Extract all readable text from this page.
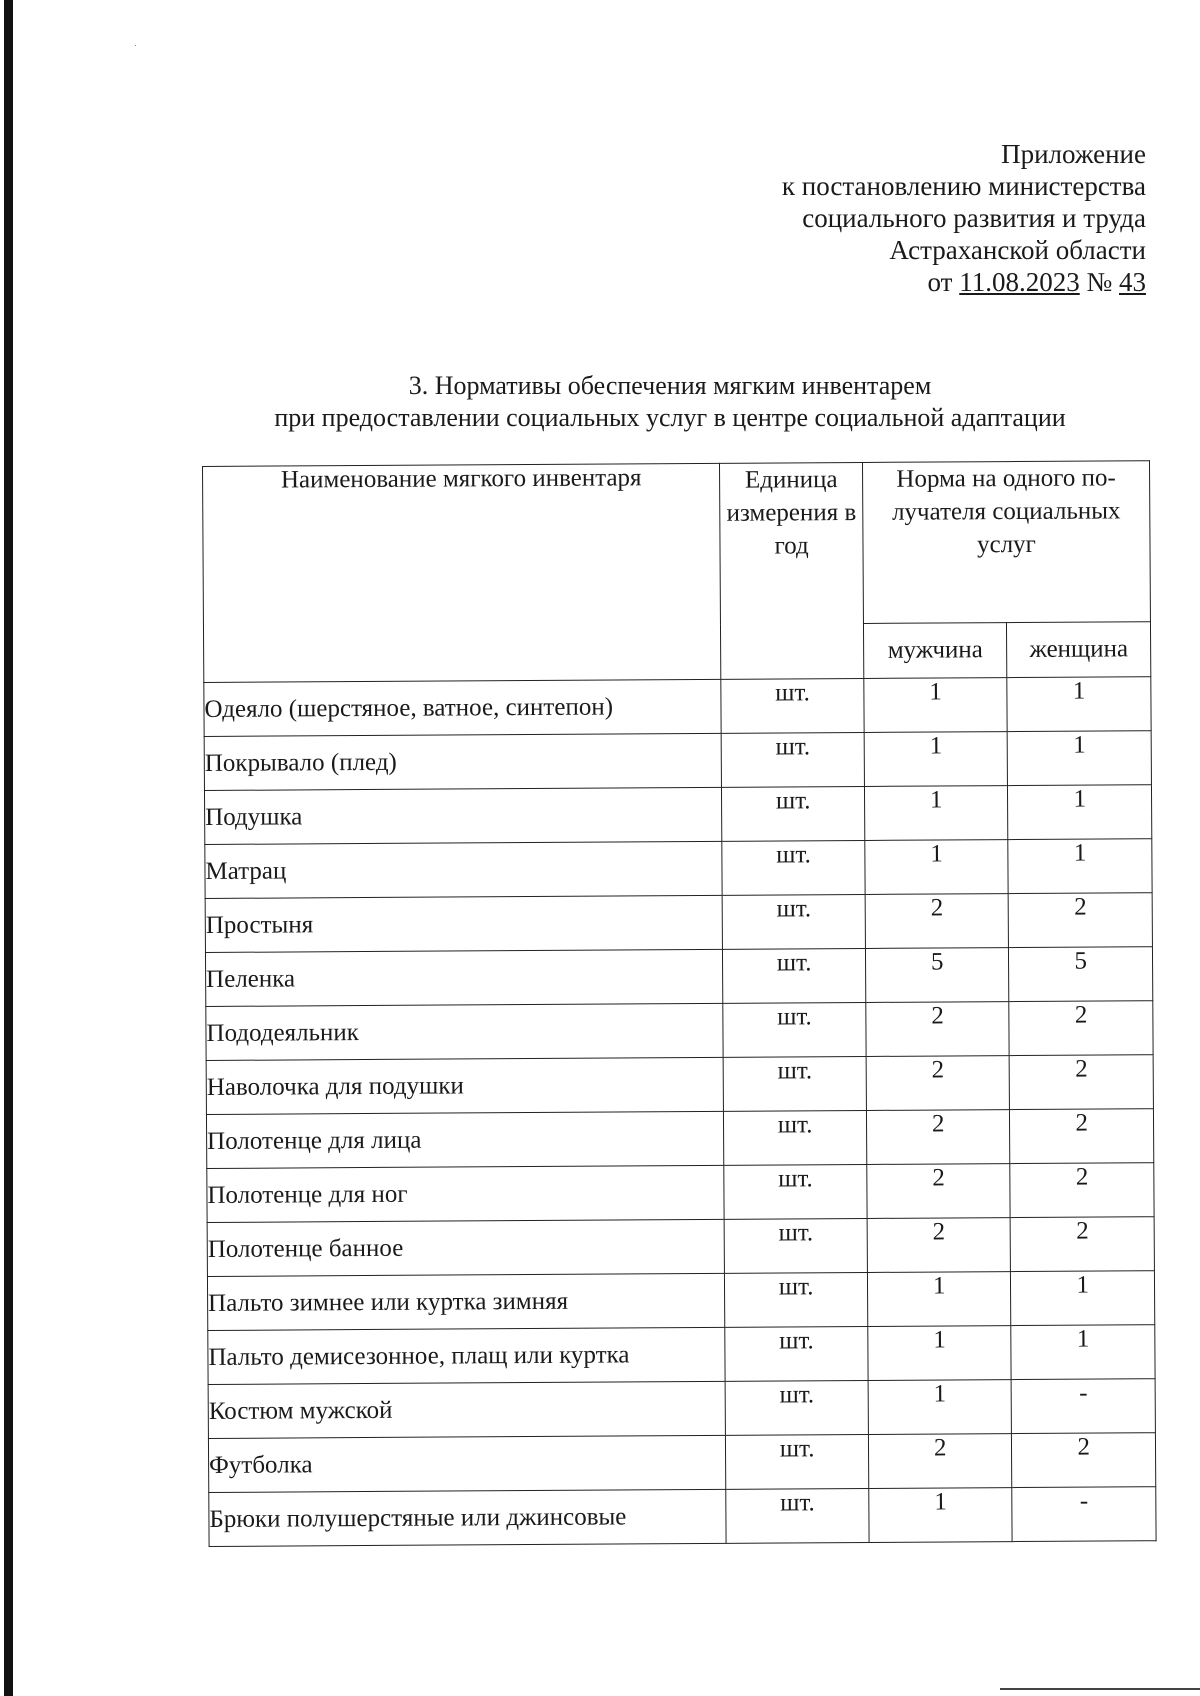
Приложение
к постановлению министерства
социального развития и труда
Астраханской области
от 11.08.2023 № 43
3. Нормативы обеспечения мягким инвентарем
при предоставлении социальных услуг в центре социальной адаптации
Наименование мягкого инвентаря	Единица измерения в год	Норма на одного по-лучателя социальных услуг	
		мужчина	женщина
Одеяло (шерстяное, ватное, синтепон)	шт.	1	1
Покрывало (плед)	шт.	1	1
Подушка	шт.	1	1
Матрац	шт.	1	1
Простыня	шт.	2	2
Пеленка	шт.	5	5
Пододеяльник	шт.	2	2
Наволочка для подушки	шт.	2	2
Полотенце для лица	шт.	2	2
Полотенце для ног	шт.	2	2
Полотенце банное	шт.	2	2
Пальто зимнее или куртка зимняя	шт.	1	1
Пальто демисезонное, плащ или куртка	шт.	1	1
Костюм мужской	шт.	1	-
Футболка	шт.	2	2
Брюки полушерстяные или джинсовые	шт.	1	-
